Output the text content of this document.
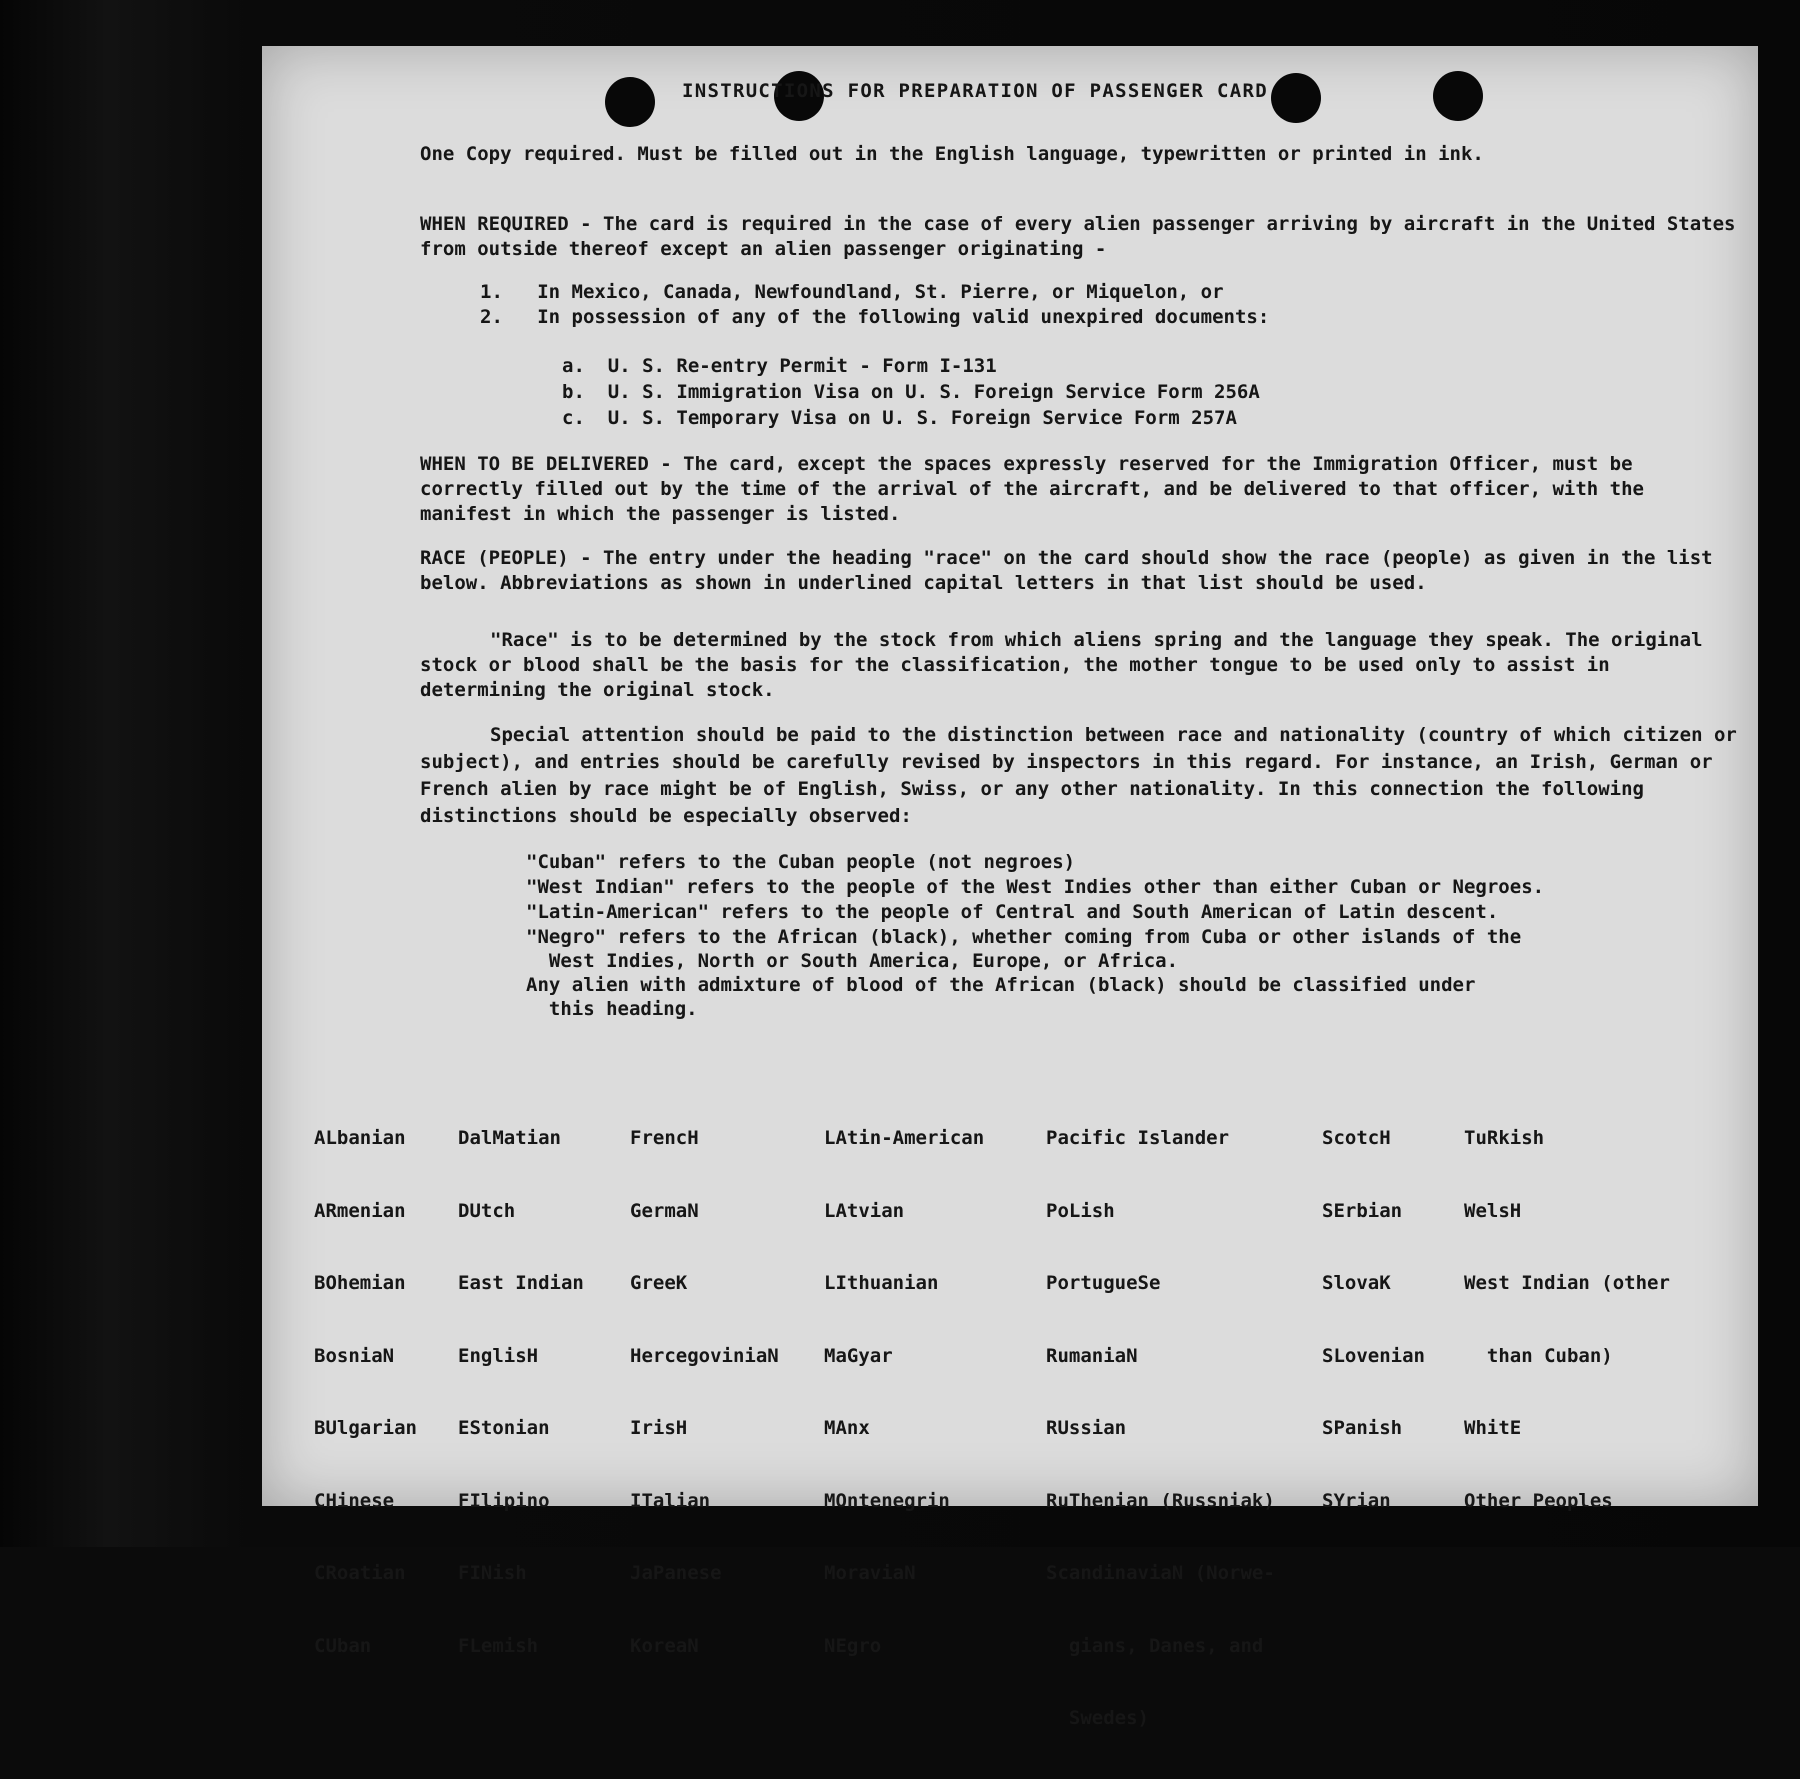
INSTRUCTIONS FOR PREPARATION OF PASSENGER CARD
One Copy required. Must be filled out in the English language, typewritten or printed in ink.
WHEN REQUIRED - The card is required in the case of every alien passenger arriving by aircraft in the United States from outside thereof except an alien passenger originating -
1.   In Mexico, Canada, Newfoundland, St. Pierre, or Miquelon, or
2.   In possession of any of the following valid unexpired documents:
a.  U. S. Re-entry Permit - Form I-131
b.  U. S. Immigration Visa on U. S. Foreign Service Form 256A
c.  U. S. Temporary Visa on U. S. Foreign Service Form 257A
WHEN TO BE DELIVERED - The card, except the spaces expressly reserved for the Immigration Officer, must be correctly filled out by the time of the arrival of the aircraft, and be delivered to that officer, with the manifest in which the passenger is listed.
RACE (PEOPLE) - The entry under the heading "race" on the card should show the race (people) as given in the list below. Abbreviations as shown in underlined capital letters in that list should be used.
"Race" is to be determined by the stock from which aliens spring and the language they speak. The original stock or blood shall be the basis for the classification, the mother tongue to be used only to assist in determining the original stock.
Special attention should be paid to the distinction between race and nationality (country of which citizen or subject), and entries should be carefully revised by inspectors in this regard. For instance, an Irish, German or French alien by race might be of English, Swiss, or any other nationality. In this connection the following distinctions should be especially observed:
"Cuban" refers to the Cuban people (not negroes)
"West Indian" refers to the people of the West Indies other than either Cuban or Negroes.
"Latin-American" refers to the people of Central and South American of Latin descent.
"Negro" refers to the African (black), whether coming from Cuba or other islands of the
West Indies, North or South America, Europe, or Africa.
Any alien with admixture of blood of the African (black) should be classified under
this heading.

ALbanian

ARmenian

BOhemian

BosniaN

BUlgarian

CHinese

CRoatian

CUban

DalMatian

DUtch

East Indian

EnglisH

EStonian

FIlipino

FINish

FLemish

FrencH

GermaN

GreeK

HercegoviniaN

IrisH

ITalian

JaPanese

KoreaN

LAtin-American

LAtvian

LIthuanian

MaGyar

MAnx

MOntenegrin

MoraviaN

NEgro

Pacific Islander

PoLish

PortugueSe

RumaniaN

RUssian

RuThenian (Russniak)

ScandinaviaN (Norwe-

gians, Danes, and

Swedes)

ScotcH

SErbian

SlovaK

SLovenian

SPanish

SYrian

TuRkish

WelsH

West Indian (other

than Cuban)

WhitE

Other Peoples
